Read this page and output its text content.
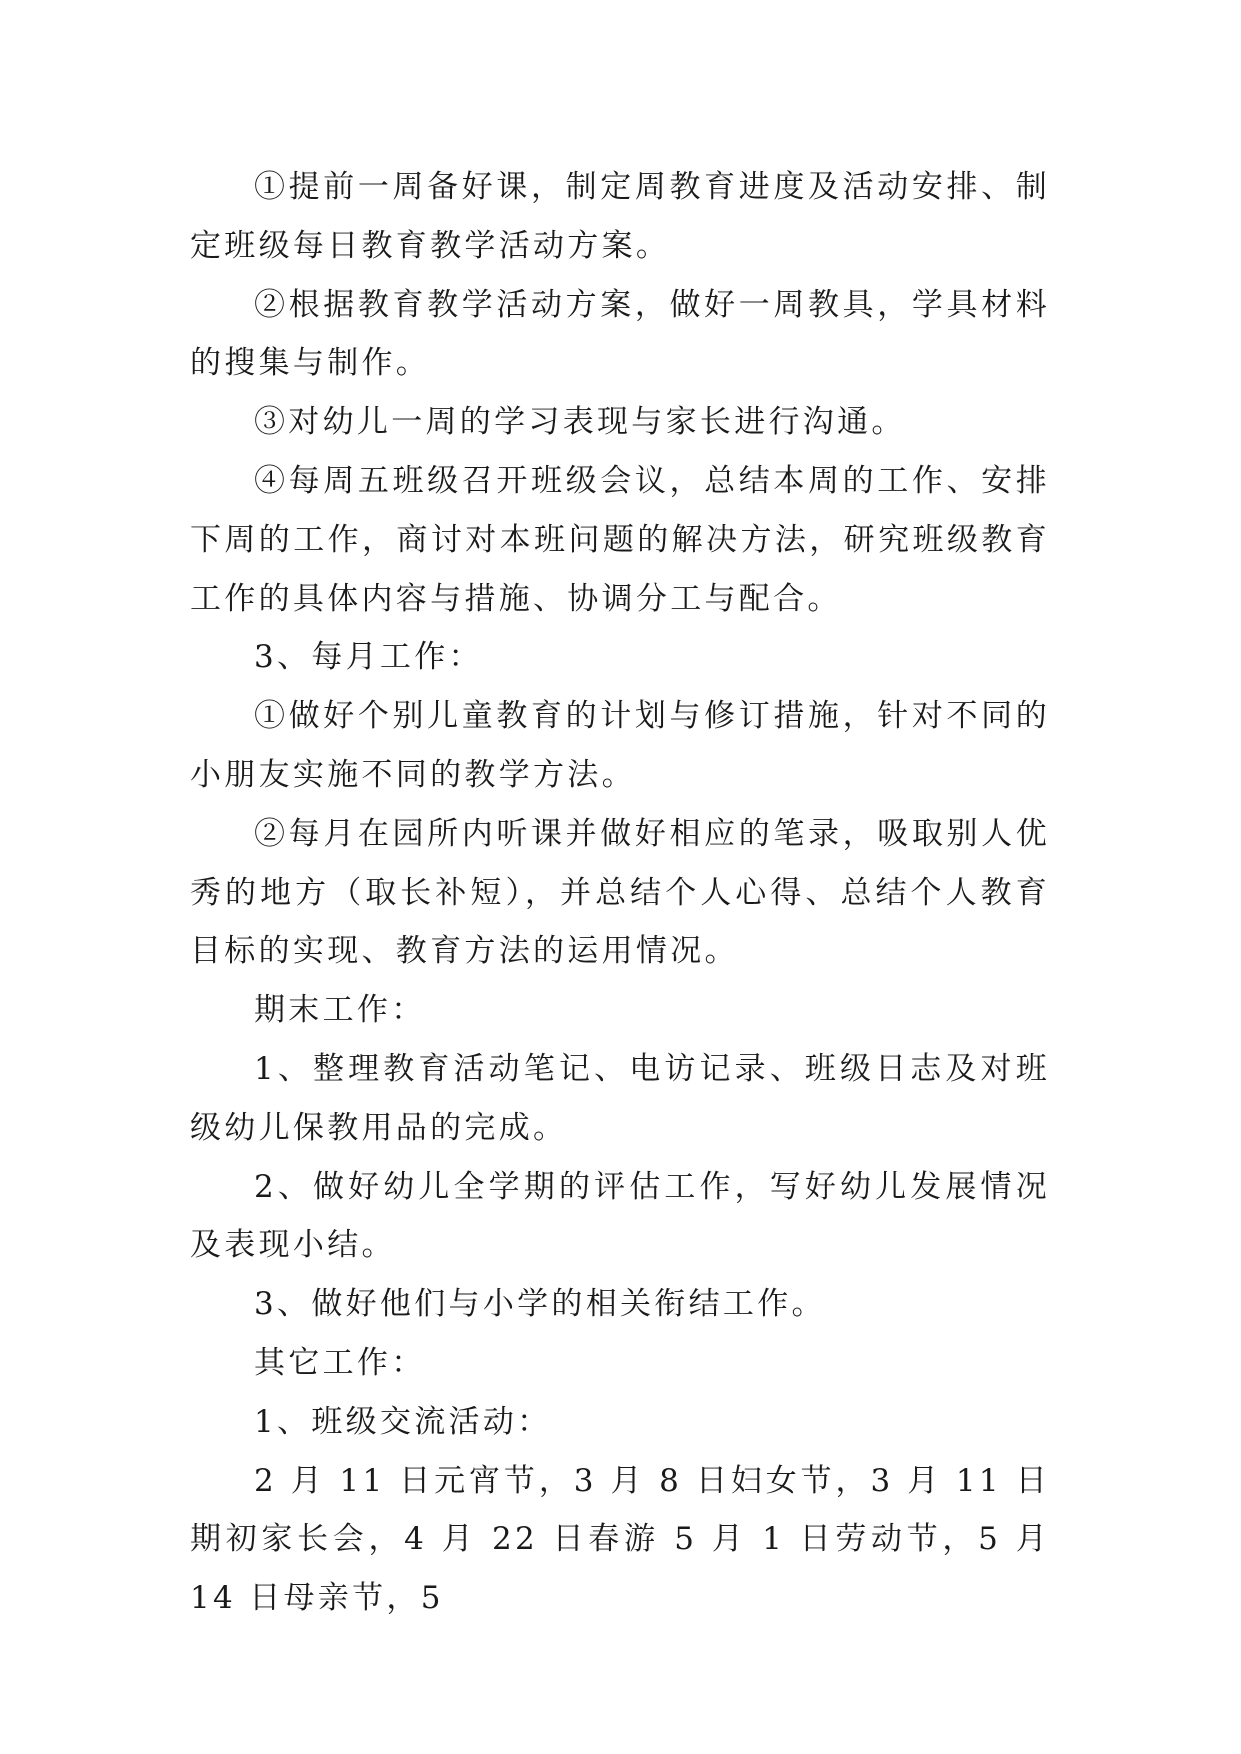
①提前一周备好课，制定周教育进度及活动安排、制定班级每日教育教学活动方案。

②根据教育教学活动方案，做好一周教具，学具材料的搜集与制作。

③对幼儿一周的学习表现与家长进行沟通。

④每周五班级召开班级会议，总结本周的工作、安排下周的工作，商讨对本班问题的解决方法，研究班级教育工作的具体内容与措施、协调分工与配合。

3、每月工作：

①做好个别儿童教育的计划与修订措施，针对不同的小朋友实施不同的教学方法。

②每月在园所内听课并做好相应的笔录，吸取别人优秀的地方（取长补短），并总结个人心得、总结个人教育目标的实现、教育方法的运用情况。

期末工作：

1、整理教育活动笔记、电访记录、班级日志及对班级幼儿保教用品的完成。

2、做好幼儿全学期的评估工作，写好幼儿发展情况及表现小结。

3、做好他们与小学的相关衔结工作。

其它工作：

1、班级交流活动：

2 月 11 日元宵节，3 月 8 日妇女节，3 月 11 日期初家长会，4 月 22 日春游 5 月 1 日劳动节，5 月 14 日母亲节，5
